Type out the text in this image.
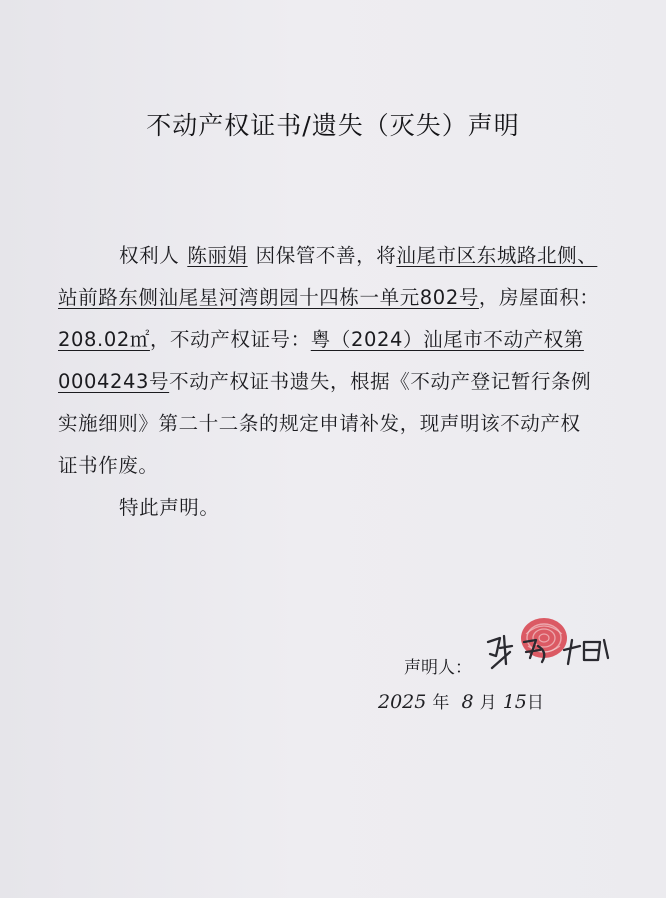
不动产权证书/遗失（灭失）声明
权利人 陈丽娟 因保管不善，将汕尾市区东城路北侧、
站前路东侧汕尾星河湾朗园十四栋一单元802号，房屋面积：
208.02㎡，不动产权证号：粤（2024）汕尾市不动产权第
0004243号不动产权证书遗失，根据《不动产登记暂行条例
实施细则》第二十二条的规定申请补发，现声明该不动产权
证书作废。
特此声明。
声明人：
2025 年 8 月 15日
